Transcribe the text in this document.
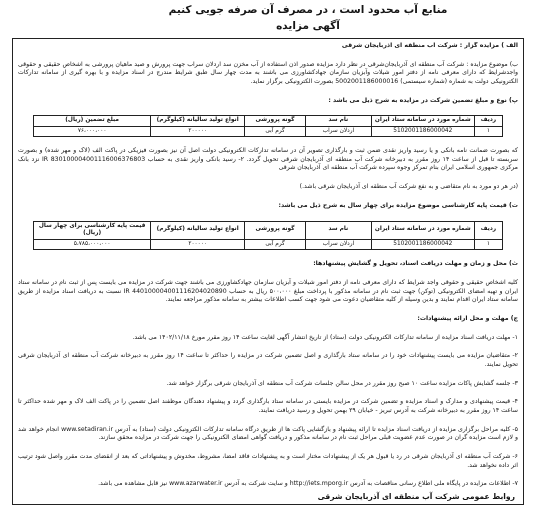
منابع آب محدود است ، در مصرف آن صرفه جویی کنیم
آگهی مزایده

الف ) مزایده گزار : شرکت آب منطقه ای آذربایجان شرقی

ب) موضوع مزایده : شرکت آب منطقه ای آذربایجان‌شرقی در نظر دارد مزایده صدور اذن استفاده از آب مخزن سد اردلان سراب جهت پرورش و صید ماهیان پرورشی به اشخاص حقیقی و حقوقی واجدشرایط که دارای معرفی نامه از دفتر امور شیلات وآبزیان سازمان جهادکشاورزی می باشند به مدت چهار سال طبق شرایط مندرج در اسناد مزایده و با بهره گیری از سامانه تدارکات الکترونیکی دولت به شماره (شماره سیستمی) 5002001186000016 بصورت الکترونیکی برگزار نماید.

پ) نوع و مبلغ تضمین شرکت در مزایده به شرح ذیل می باشد :

ردیف	شماره مورد در سامانه ستاد ایران	نام سد	گونه پرورشی	انواع تولید سالیانه (کیلوگرم)	مبلغ تضمین (ریال)
۱	5102001186000042	اردلان سراب	گرم آبی	۲۰۰۰۰۰	۷۶،۰۰۰،۰۰۰

که بصورت ضمانت نامه بانکی و یا رسید واریز نقدی ضمن ثبت و بارگذاری تصویر آن در سامانه تدارکات الکترونیکی دولت اصل آن نیز بصورت فیزیکی در پاکت الف (لاک و مهر شده) و بصورت سربسته تا قبل از ساعت ۱۴ روز مقرر به دبیرخانه شرکت آب منطقه ای آذربایجان شرقی تحویل گردد. ۲- رسید بانکی واریز نقدی به حساب IR 830100004001116006376803 نزد بانک مرکزی جمهوری اسلامی ایران بنام تمرکز وجوه سپرده شرکت آب منطقه ای آذربایجان شرقی

(در هر دو مورد به نام متقاضی و به نفع شرکت آب منطقه ای آذربایجان شرقی باشد.)

ت) قیمت پایه کارشناسی موضوع مزایده برای چهار سال به شرح ذیل می باشد:

ردیف	شماره مورد در سامانه ستاد ایران	نام سد	گونه پرورشی	انواع تولید سالیانه (کیلوگرم)	قیمت پایه کارشناسی برای چهار سال (ریال)
۱	5102001186000042	اردلان سراب	گرم آبی	۲۰۰۰۰۰	۵،۷۸۵،۰۰۰،۰۰۰

ث) محل و زمان و مهلت دریافت اسناد، تحویل و گشایش پیشنهادها:

کلیه اشخاص حقیقی و حقوقی واجد شرایط که دارای معرفی نامه از دفتر امور شیلات و آبزیان سازمان جهادکشاورزی می باشند جهت شرکت در مزایده می بایست پس از ثبت نام در سامانه ستاد ایران و تهیه امضای الکترونیکی (توکن) جهت ثبت نام در سامانه مذکور با پرداخت مبلغ ۵۰۰،۰۰۰ ریال به حساب IR 440100004001116204020890 نسبت به دریافت اسناد مزایده از طریق سامانه ستاد ایران اقدام نمایند و بدین وسیله از کلیه متقاضیان دعوت می شود جهت کسب اطلاعات بیشتر به سامانه مذکور مراجعه نمایند.

ج) مهلت و محل ارائه پیشنهادات:

۱- مهلت دریافت اسناد مزایده از سامانه تدارکات الکترونیکی دولت (ستاد) از تاریخ انتشار آگهی لغایت ساعت ۱۴ روز مقرر مورخ ۱۴۰۲/۱۱/۱۸ می باشد.

۲- متقاضیان مزایده می بایست پیشنهادات خود را در سامانه ستاد بارگذاری و اصل تضمین شرکت در مزایده را حداکثر تا ساعت ۱۴ روز مقرر به دبیرخانه شرکت آب منطقه ای آذربایجان شرقی تحویل نمایند.

۳- جلسه گشایش پاکات مزایده ساعت ۱۰ صبح روز مقرر در محل سالن جلسات شرکت آب منطقه ای آذربایجان شرقی برگزار خواهد شد.

۴- قیمت پیشنهادی و مدارک و اسناد مزایده و تضمین شرکت در مزایده بایستی در سامانه ستاد بارگذاری گردد و پیشنهاد دهندگان موظفند اصل تضمین را در پاکت الف لاک و مهر شده حداکثر تا ساعت ۱۴ روز مقرر به دبیرخانه شرکت به آدرس تبریز - خیابان ۲۹ بهمن تحویل و رسید دریافت نمایند.

۵- کلیه مراحل برگزاری مزایده از دریافت اسناد مزایده تا ارائه پیشنهاد و بازگشایی پاکت ها از طریق درگاه سامانه تدارکات الکترونیکی دولت (ستاد) به آدرس www.setadiran.ir انجام خواهد شد و لازم است مزایده گران در صورت عدم عضویت قبلی مراحل ثبت نام در سامانه مذکور و دریافت گواهی امضای الکترونیکی را جهت شرکت در مزایده محقق سازند.

۶- شرکت آب منطقه ای آذربایجان شرقی در رد یا قبول هر یک از پیشنهادات مختار است و به پیشنهادات فاقد امضا، مشروط، مخدوش و پیشنهاداتی که بعد از انقضای مدت مقرر واصل شود ترتیب اثر داده نخواهد شد.

۷- اطلاعات مزایده در پایگاه ملی اطلاع رسانی مناقصات به آدرس http://iets.mporg.ir و سایت شرکت به آدرس www.azarwater.ir نیز قابل مشاهده می باشد.

روابط عمومی شرکت آب منطقه ای آذربایجان شرقی
